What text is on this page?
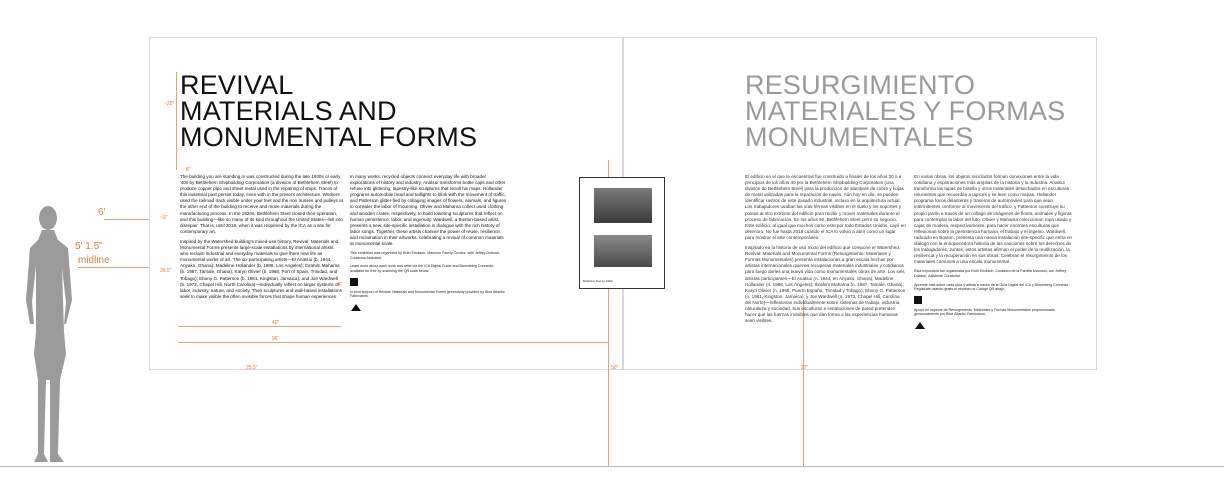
6'
5' 1.5"
midline
~25"
8"
~9"
39.5"
4"
40"
96"
25.5"	50"	37"
REVIVAL
MATERIALS AND
MONUMENTAL FORMS

The building you are standing in was constructed during the late 1930s or early '40s by Bethlehem Shipbuilding Corporation (a division of Bethlehem Steel) to produce copper pipe and sheet metal used in the repairing of ships. Traces of this industrial past persist today, even with in the present architecture. Workers used the railroad track visible under your feet and the iron trusses and pulleys at the other end of the building to receive and move materials during the manufacturing process. In the 1920s, Bethlehem Steel closed their operation, and this building—like so many of its kind throughout the United States—fell into disrepair. That is, until 2018, when it was reopened by the ICA as a site for contemporary art.

Inspired by the Watershed building's mixed-use history, Revival: Materials and Monumental Forms presents large-scale installations by international artists who reclaim industrial and everyday materials to give them new life as monumental works of art. The six participating artists—El Anatsui (b. 1944, Anyako, Ghana); Madeline Hollander (b. 1986, Los Angeles); Ibrahim Mahama (b. 1987, Tamale, Ghana); Karyn Olivier (b. 1968, Port of Spain, Trinidad, and Tobago); Ebony G. Patterson (b. 1981, Kingston, Jamaica); and Joe Wardwell (b. 1972, Chapel Hill, North Carolina)—individually reflect on larger systems of labor, industry, nature, and society. Their sculptures and wall-based installations seek to make visible the often invisible forces that shape human experiences.

In many works, recycled objects connect everyday life with broader explorations of history and industry. Anatsui transforms bottle caps and other refuse into glittering, tapestry-like sculptures that recall his maps. Hollander programs automobile head and taillights to blink with the movement of traffic, and Patterson glitter-fied by collaging images of flowers, animals, and figures to consider the labor of mourning. Olivier and Mahama collect used clothing and wooden crates, respectively, to build towering sculptures that reflect on human persistence, labor, and ingenuity. Wardwell, a Boston-based artist, presents a new, site-specific installation in dialogue with the rich history of labor songs. Together, these artists channel the power of reuse, resilience, and reclamation in their artworks, celebrating a revival of common materials at monumental scale.

This exhibition was organized by Ruth Erickson, Mannion Family Curator, with Jeffrey Dobson, Curatorial Assistant.
Learn more about each work and artist via the ICA Digital Guide and Bloomberg Connects, available for free by scanning the QR code below.
In kind support of Revival: Materials and Monumental Forms generously provided by Blue Atlantic Fabricators.
Bethlehem Steel ca. 1940s
RESURGIMIENTO
MATERIALES Y FORMAS
MONUMENTALES

El edificio en el que te encuentras fue construido a finales de los años 30 o a principios de los años 40 por la Bethlehem Shipbuilding Corporation (una división de Bethlehem Steel) para la producción de alambres de cobre y hojas de metal utilizadas para la reparación de naves. Aún hoy en día, se pueden identificar rastros de este pasado industrial, incluso en la arquitectura actual. Los trabajadores usaban las vías férreas visibles en el suelo y los soportes y poleas al otro extremo del edificio para recibir y mover materiales durante el proceso de fabricación. En los años 90, Bethlehem Steel cerró su negocio. Este edificio, al igual que muchos como este por todo Estados Unidos, cayó en deterioro. No fue hasta 2018 cuando el ICA lo volvió a abrir como un lugar para mostrar el arte contemporáneo.

Inspirado en la historia de uso mixto del edificio que compone el Watershed, Revival: Materials and Monumental Forms (Resurgimiento: Materiales y Formas Monumentales) presenta instalaciones a gran escala hechas por artistas internacionales quienes recuperan materiales industriales y cotidianos para luego darles una nueva vida como monumentales obras de arte. Los seis artistas participantes—El Anatsui (n. 1944, en Anyako, Ghana); Madeline Hollander (n. 1986, Los Ángeles); Ibrahim Mahama (n. 1987, Tamale, Ghana); Karyn Olivier (n. 1968, Puerto España, Trinidad y Tobago); Ebony G. Patterson (n. 1981, Kingston, Jamaica); y Joe Wardwell (n. 1972, Chapel Hill, Carolina del Norte)—reflexionan individualmente sobre sistemas de trabajo, industria, naturaleza y sociedad. Sus esculturas e instalaciones de pared pretenden hacer que las fuerzas invisibles que dan forma a las experiencias humanas sean visibles.

En varias obras, los objetos reciclados forman conexiones entre la vida cotidiana y exploraciones más amplias de la historia y la industria. Anatsui transforma las tapas de botella y otros materiales desechados en esculturas relucientes que recuerdan a tapices y se leen como mapas. Hollander programa focos delanteros y traseros de automóviles para que sean intermitentes conforme al movimiento del tráfico, y Patterson construye su propio jardín a través de un collage de imágenes de flores, animales y figuras para contemplar la labor del luto. Olivier y Mahama coleccionan ropa usada y cajas de madera, respectivamente, para hacer enormes esculturas que reflexionan sobre la persistencia humana, el trabajo y el ingenio. Wardwell, radicado en Boston, presenta una nueva instalación site-specific que entra en diálogo con la enriquecedora historia de las canciones sobre los derechos de los trabajadores. Juntos, estos artistas afirman el poder de la reutilización, la resiliencia y la recuperación en sus obras. Celebran el resurgimiento de los materiales comunes a una escala monumental.

Esta exposición fue organizada por Ruth Erickson, Curadora de la Familia Mannion, con Jeffrey Dobson, Asistente Curatorial.
Aprende más sobre cada obra y artista a través de la Guía Digital del ICA y Bloomberg Connects. Regístrate usando gratis el escaneo el Código QR abajo.
Apoyo en especie de Resurgimiento: Materiales y Formas Monumentales proporcionado generosamente por Blue Atlantic Fabricators.
